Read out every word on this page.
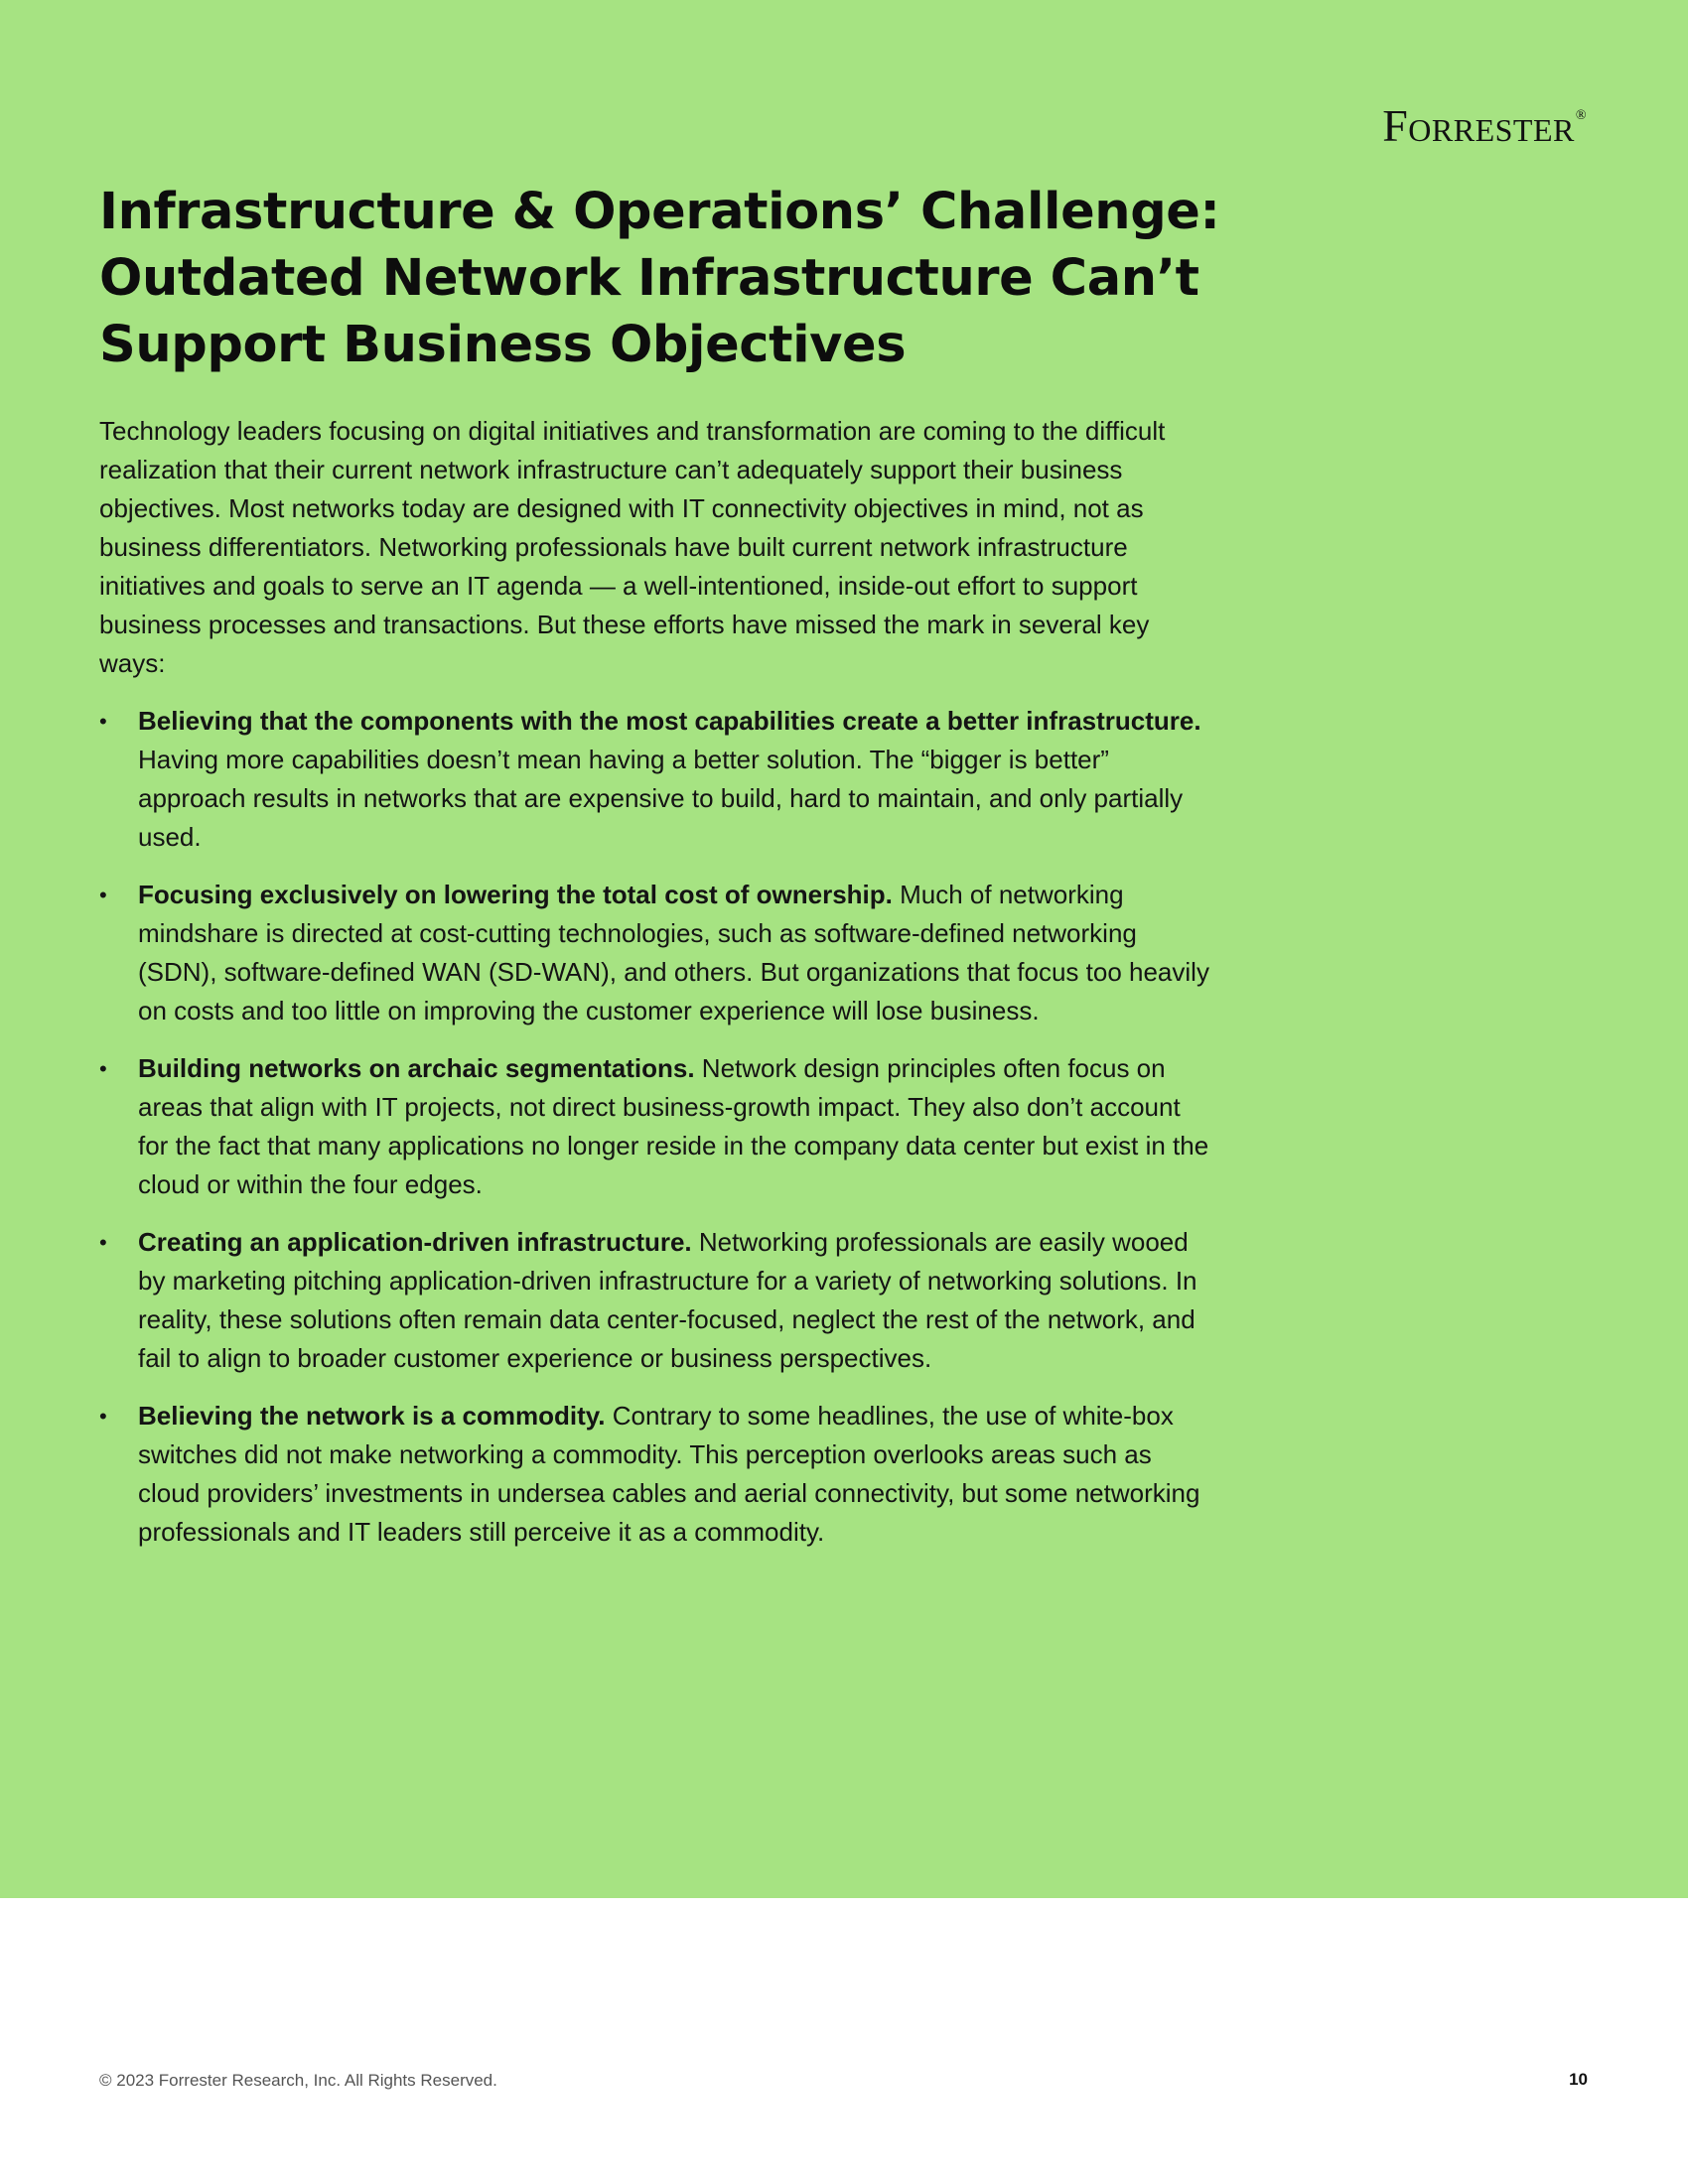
Forrester®
Infrastructure & Operations’ Challenge: Outdated Network Infrastructure Can’t Support Business Objectives

Technology leaders focusing on digital initiatives and transformation are coming to the difficult realization that their current network infrastructure can’t adequately support their business objectives. Most networks today are designed with IT connectivity objectives in mind, not as business differentiators. Networking professionals have built current network infrastructure initiatives and goals to serve an IT agenda — a well-intentioned, inside-out effort to support business processes and transactions. But these efforts have missed the mark in several key ways:

• Believing that the components with the most capabilities create a better infrastructure. Having more capabilities doesn’t mean having a better solution. The “bigger is better” approach results in networks that are expensive to build, hard to maintain, and only partially used.
• Focusing exclusively on lowering the total cost of ownership. Much of networking mindshare is directed at cost-cutting technologies, such as software-defined networking (SDN), software-defined WAN (SD-WAN), and others. But organizations that focus too heavily on costs and too little on improving the customer experience will lose business.
• Building networks on archaic segmentations. Network design principles often focus on areas that align with IT projects, not direct business-growth impact. They also don’t account for the fact that many applications no longer reside in the company data center but exist in the cloud or within the four edges.
• Creating an application-driven infrastructure. Networking professionals are easily wooed by marketing pitching application-driven infrastructure for a variety of networking solutions. In reality, these solutions often remain data center-focused, neglect the rest of the network, and fail to align to broader customer experience or business perspectives.
• Believing the network is a commodity. Contrary to some headlines, the use of white-box switches did not make networking a commodity. This perception overlooks areas such as cloud providers’ investments in undersea cables and aerial connectivity, but some networking professionals and IT leaders still perceive it as a commodity.
© 2023 Forrester Research, Inc. All Rights Reserved.	10
